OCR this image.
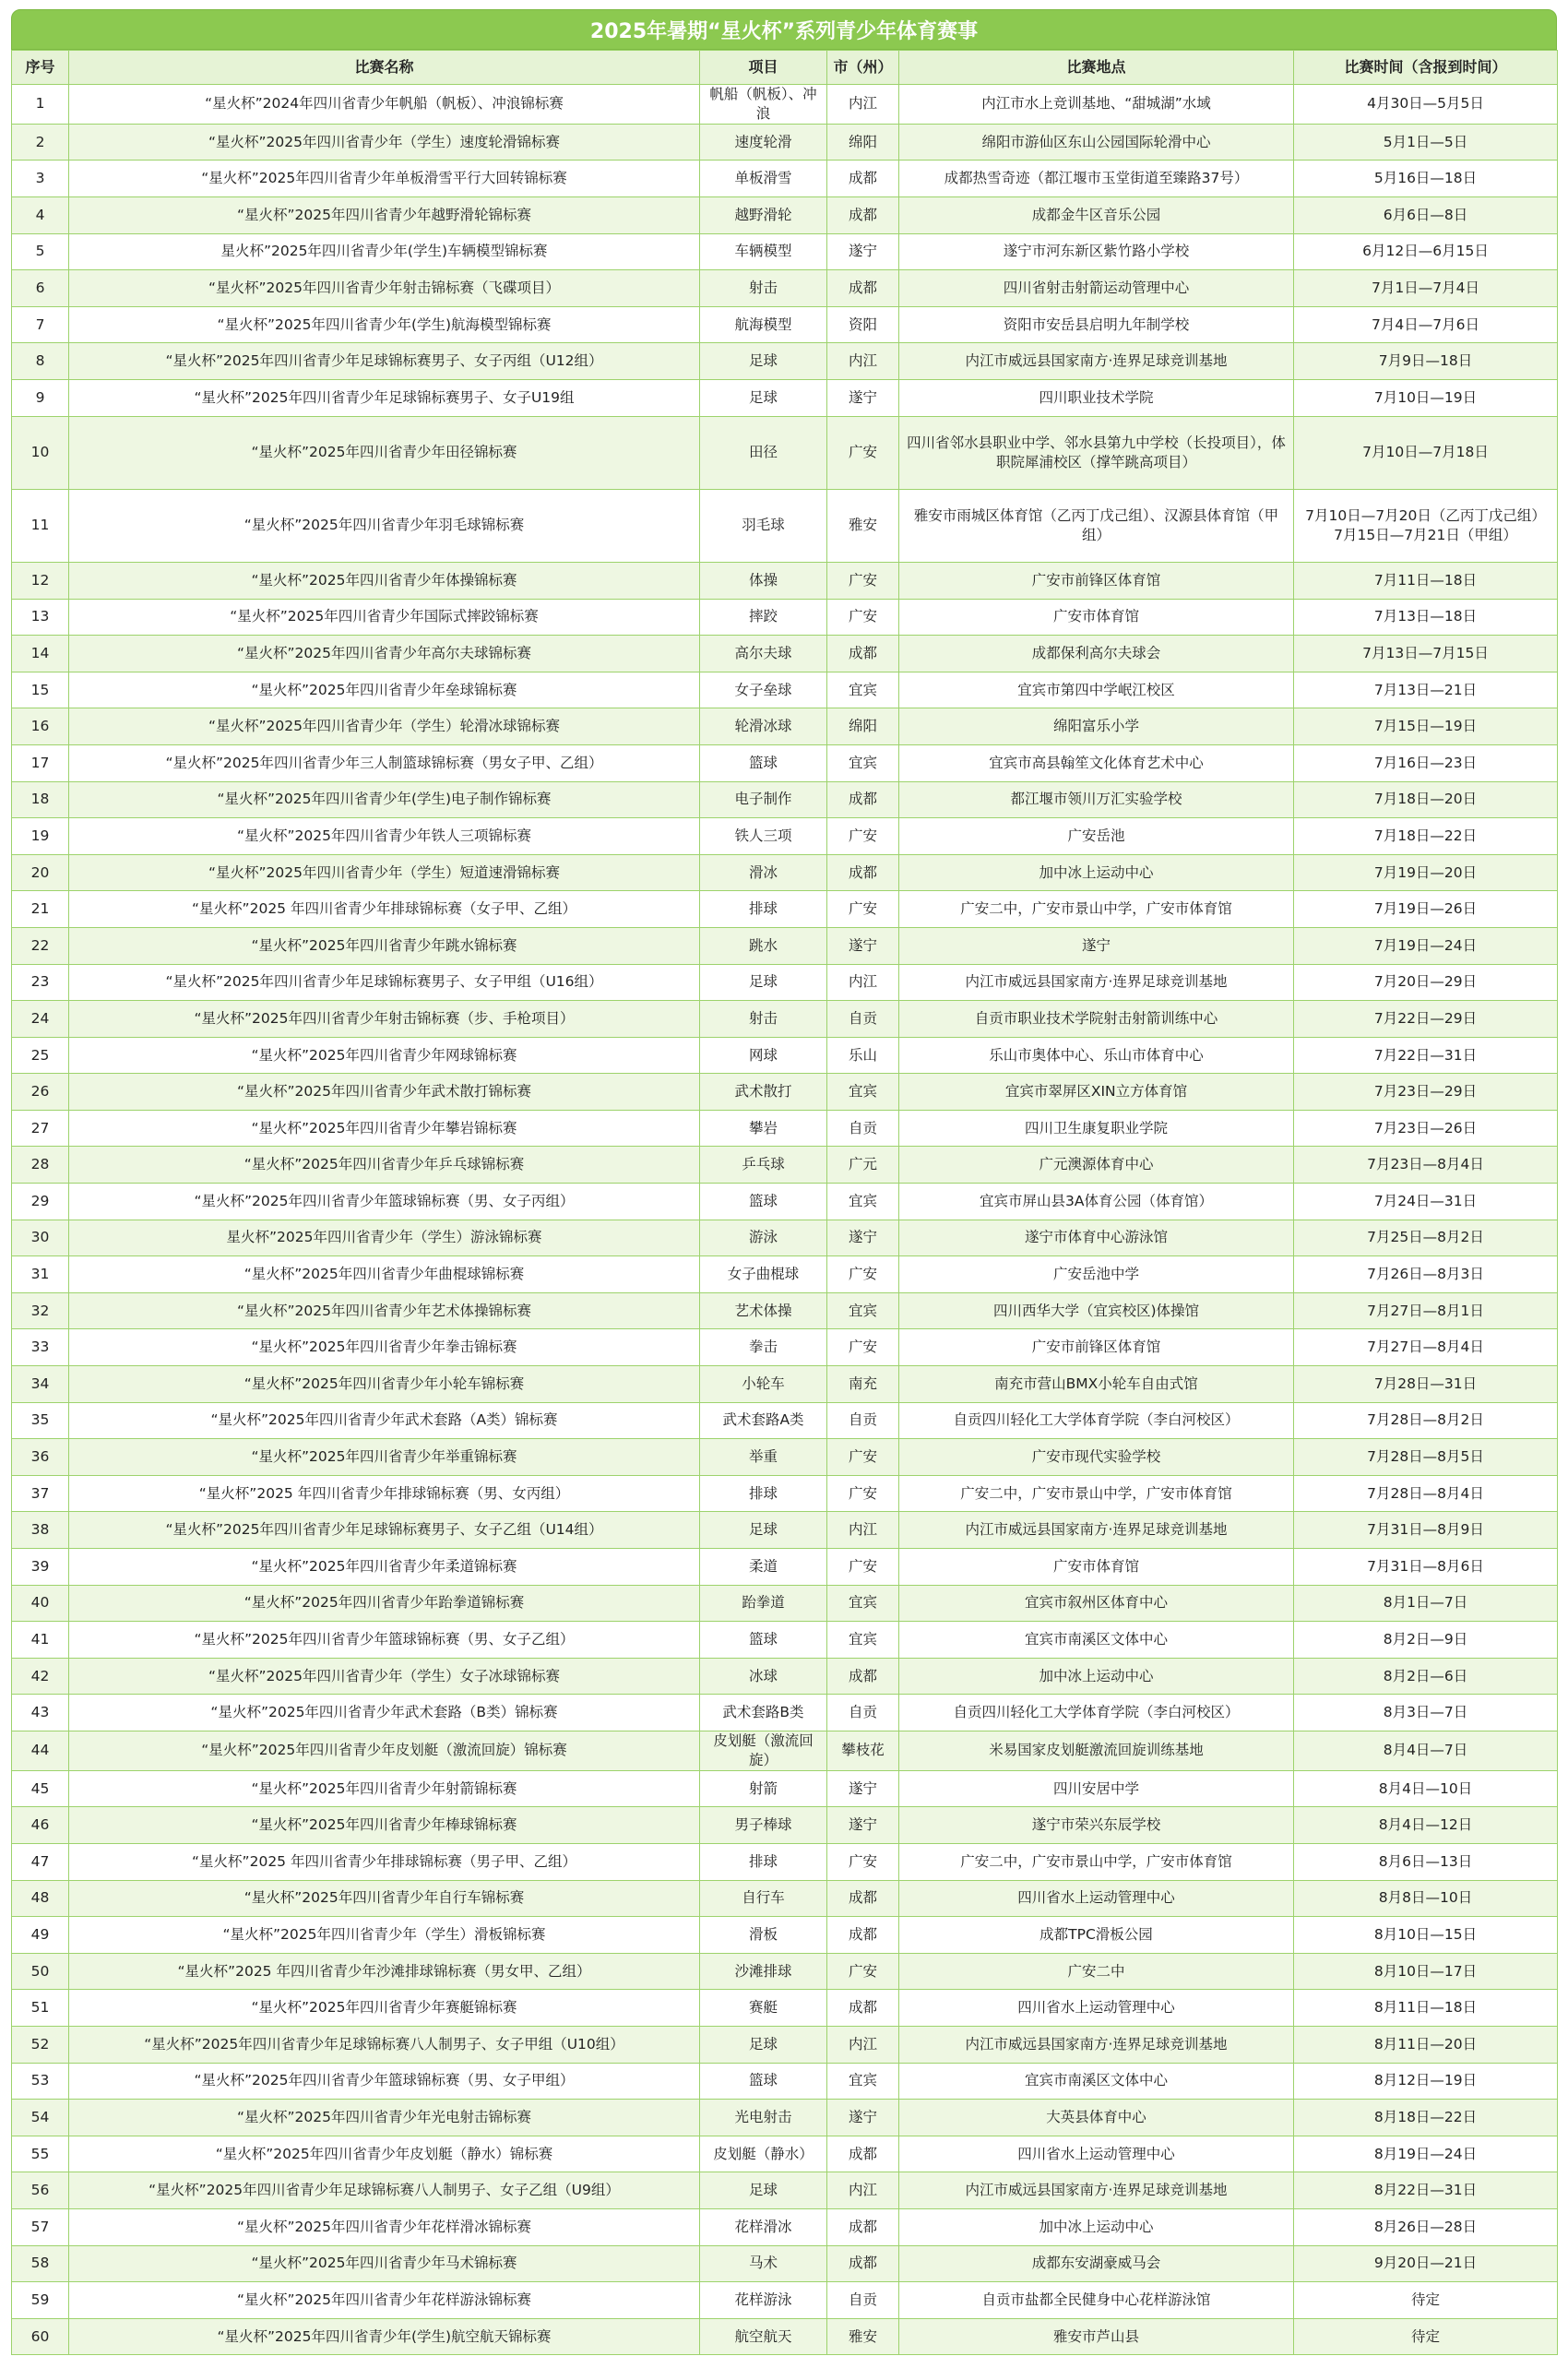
2025年暑期“星火杯”系列青少年体育赛事
序号	比赛名称	项目	市（州）	比赛地点	比赛时间（含报到时间）
1	“星火杯”2024年四川省青少年帆船（帆板）、冲浪锦标赛	帆船（帆板）、冲浪	内江	内江市水上竞训基地、“甜城湖”水域	4月30日—5月5日
2	“星火杯”2025年四川省青少年（学生）速度轮滑锦标赛	速度轮滑	绵阳	绵阳市游仙区东山公园国际轮滑中心	5月1日—5日
3	“星火杯”2025年四川省青少年单板滑雪平行大回转锦标赛	单板滑雪	成都	成都热雪奇迹（都江堰市玉堂街道至臻路37号）	5月16日—18日
4	“星火杯”2025年四川省青少年越野滑轮锦标赛	越野滑轮	成都	成都金牛区音乐公园	6月6日—8日
5	星火杯”2025年四川省青少年(学生)车辆模型锦标赛	车辆模型	遂宁	遂宁市河东新区紫竹路小学校	6月12日—6月15日
6	“星火杯”2025年四川省青少年射击锦标赛（飞碟项目）	射击	成都	四川省射击射箭运动管理中心	7月1日—7月4日
7	“星火杯”2025年四川省青少年(学生)航海模型锦标赛	航海模型	资阳	资阳市安岳县启明九年制学校	7月4日—7月6日
8	“星火杯”2025年四川省青少年足球锦标赛男子、女子丙组（U12组）	足球	内江	内江市威远县国家南方·连界足球竞训基地	7月9日—18日
9	“星火杯”2025年四川省青少年足球锦标赛男子、女子U19组	足球	遂宁	四川职业技术学院	7月10日—19日
10	“星火杯”2025年四川省青少年田径锦标赛	田径	广安	四川省邻水县职业中学、邻水县第九中学校（长投项目），体职院犀浦校区（撑竿跳高项目）	7月10日—7月18日
11	“星火杯”2025年四川省青少年羽毛球锦标赛	羽毛球	雅安	雅安市雨城区体育馆（乙丙丁戊己组）、汉源县体育馆（甲组）	7月10日—7月20日（乙丙丁戊己组）
7月15日—7月21日（甲组）
12	“星火杯”2025年四川省青少年体操锦标赛	体操	广安	广安市前锋区体育馆	7月11日—18日
13	“星火杯”2025年四川省青少年国际式摔跤锦标赛	摔跤	广安	广安市体育馆	7月13日—18日
14	“星火杯”2025年四川省青少年高尔夫球锦标赛	高尔夫球	成都	成都保利高尔夫球会	7月13日—7月15日
15	“星火杯”2025年四川省青少年垒球锦标赛	女子垒球	宜宾	宜宾市第四中学岷江校区	7月13日—21日
16	“星火杯”2025年四川省青少年（学生）轮滑冰球锦标赛	轮滑冰球	绵阳	绵阳富乐小学	7月15日—19日
17	“星火杯”2025年四川省青少年三人制篮球锦标赛（男女子甲、乙组）	篮球	宜宾	宜宾市高县翰笙文化体育艺术中心	7月16日—23日
18	“星火杯”2025年四川省青少年(学生)电子制作锦标赛	电子制作	成都	都江堰市领川万汇实验学校	7月18日—20日
19	“星火杯”2025年四川省青少年铁人三项锦标赛	铁人三项	广安	广安岳池	7月18日—22日
20	“星火杯”2025年四川省青少年（学生）短道速滑锦标赛	滑冰	成都	加中冰上运动中心	7月19日—20日
21	“星火杯”2025 年四川省青少年排球锦标赛（女子甲、乙组）	排球	广安	广安二中，广安市景山中学，广安市体育馆	7月19日—26日
22	“星火杯”2025年四川省青少年跳水锦标赛	跳水	遂宁	遂宁	7月19日—24日
23	“星火杯”2025年四川省青少年足球锦标赛男子、女子甲组（U16组）	足球	内江	内江市威远县国家南方·连界足球竞训基地	7月20日—29日
24	“星火杯”2025年四川省青少年射击锦标赛（步、手枪项目）	射击	自贡	自贡市职业技术学院射击射箭训练中心	7月22日—29日
25	“星火杯”2025年四川省青少年网球锦标赛	网球	乐山	乐山市奥体中心、乐山市体育中心	7月22日—31日
26	“星火杯”2025年四川省青少年武术散打锦标赛	武术散打	宜宾	宜宾市翠屏区XIN立方体育馆	7月23日—29日
27	“星火杯”2025年四川省青少年攀岩锦标赛	攀岩	自贡	四川卫生康复职业学院	7月23日—26日
28	“星火杯”2025年四川省青少年乒乓球锦标赛	乒乓球	广元	广元澳源体育中心	7月23日—8月4日
29	“星火杯”2025年四川省青少年篮球锦标赛（男、女子丙组）	篮球	宜宾	宜宾市屏山县3A体育公园（体育馆）	7月24日—31日
30	星火杯”2025年四川省青少年（学生）游泳锦标赛	游泳	遂宁	遂宁市体育中心游泳馆	7月25日—8月2日
31	“星火杯”2025年四川省青少年曲棍球锦标赛	女子曲棍球	广安	广安岳池中学	7月26日—8月3日
32	“星火杯”2025年四川省青少年艺术体操锦标赛	艺术体操	宜宾	四川西华大学（宜宾校区)体操馆	7月27日—8月1日
33	“星火杯”2025年四川省青少年拳击锦标赛	拳击	广安	广安市前锋区体育馆	7月27日—8月4日
34	“星火杯”2025年四川省青少年小轮车锦标赛	小轮车	南充	南充市营山BMX小轮车自由式馆	7月28日—31日
35	“星火杯”2025年四川省青少年武术套路（A类）锦标赛	武术套路A类	自贡	自贡四川轻化工大学体育学院（李白河校区）	7月28日—8月2日
36	“星火杯”2025年四川省青少年举重锦标赛	举重	广安	广安市现代实验学校	7月28日—8月5日
37	“星火杯”2025 年四川省青少年排球锦标赛（男、女丙组）	排球	广安	广安二中，广安市景山中学，广安市体育馆	7月28日—8月4日
38	“星火杯”2025年四川省青少年足球锦标赛男子、女子乙组（U14组）	足球	内江	内江市威远县国家南方·连界足球竞训基地	7月31日—8月9日
39	“星火杯”2025年四川省青少年柔道锦标赛	柔道	广安	广安市体育馆	7月31日—8月6日
40	“星火杯”2025年四川省青少年跆拳道锦标赛	跆拳道	宜宾	宜宾市叙州区体育中心	8月1日—7日
41	“星火杯”2025年四川省青少年篮球锦标赛（男、女子乙组）	篮球	宜宾	宜宾市南溪区文体中心	8月2日—9日
42	“星火杯”2025年四川省青少年（学生）女子冰球锦标赛	冰球	成都	加中冰上运动中心	8月2日—6日
43	“星火杯”2025年四川省青少年武术套路（B类）锦标赛	武术套路B类	自贡	自贡四川轻化工大学体育学院（李白河校区）	8月3日—7日
44	“星火杯”2025年四川省青少年皮划艇（激流回旋）锦标赛	皮划艇（激流回旋）	攀枝花	米易国家皮划艇激流回旋训练基地	8月4日—7日
45	“星火杯”2025年四川省青少年射箭锦标赛	射箭	遂宁	四川安居中学	8月4日—10日
46	“星火杯”2025年四川省青少年棒球锦标赛	男子棒球	遂宁	遂宁市荣兴东辰学校	8月4日—12日
47	“星火杯”2025 年四川省青少年排球锦标赛（男子甲、乙组）	排球	广安	广安二中，广安市景山中学，广安市体育馆	8月6日—13日
48	“星火杯”2025年四川省青少年自行车锦标赛	自行车	成都	四川省水上运动管理中心	8月8日—10日
49	“星火杯”2025年四川省青少年（学生）滑板锦标赛	滑板	成都	成都TPC滑板公园	8月10日—15日
50	“星火杯”2025 年四川省青少年沙滩排球锦标赛（男女甲、乙组）	沙滩排球	广安	广安二中	8月10日—17日
51	“星火杯”2025年四川省青少年赛艇锦标赛	赛艇	成都	四川省水上运动管理中心	8月11日—18日
52	“星火杯”2025年四川省青少年足球锦标赛八人制男子、女子甲组（U10组）	足球	内江	内江市威远县国家南方·连界足球竞训基地	8月11日—20日
53	“星火杯”2025年四川省青少年篮球锦标赛（男、女子甲组）	篮球	宜宾	宜宾市南溪区文体中心	8月12日—19日
54	“星火杯”2025年四川省青少年光电射击锦标赛	光电射击	遂宁	大英县体育中心	8月18日—22日
55	“星火杯”2025年四川省青少年皮划艇（静水）锦标赛	皮划艇（静水）	成都	四川省水上运动管理中心	8月19日—24日
56	“星火杯”2025年四川省青少年足球锦标赛八人制男子、女子乙组（U9组）	足球	内江	内江市威远县国家南方·连界足球竞训基地	8月22日—31日
57	“星火杯”2025年四川省青少年花样滑冰锦标赛	花样滑冰	成都	加中冰上运动中心	8月26日—28日
58	“星火杯”2025年四川省青少年马术锦标赛	马术	成都	成都东安湖豪威马会	9月20日—21日
59	“星火杯”2025年四川省青少年花样游泳锦标赛	花样游泳	自贡	自贡市盐都全民健身中心花样游泳馆	待定
60	“星火杯”2025年四川省青少年(学生)航空航天锦标赛	航空航天	雅安	雅安市芦山县	待定
